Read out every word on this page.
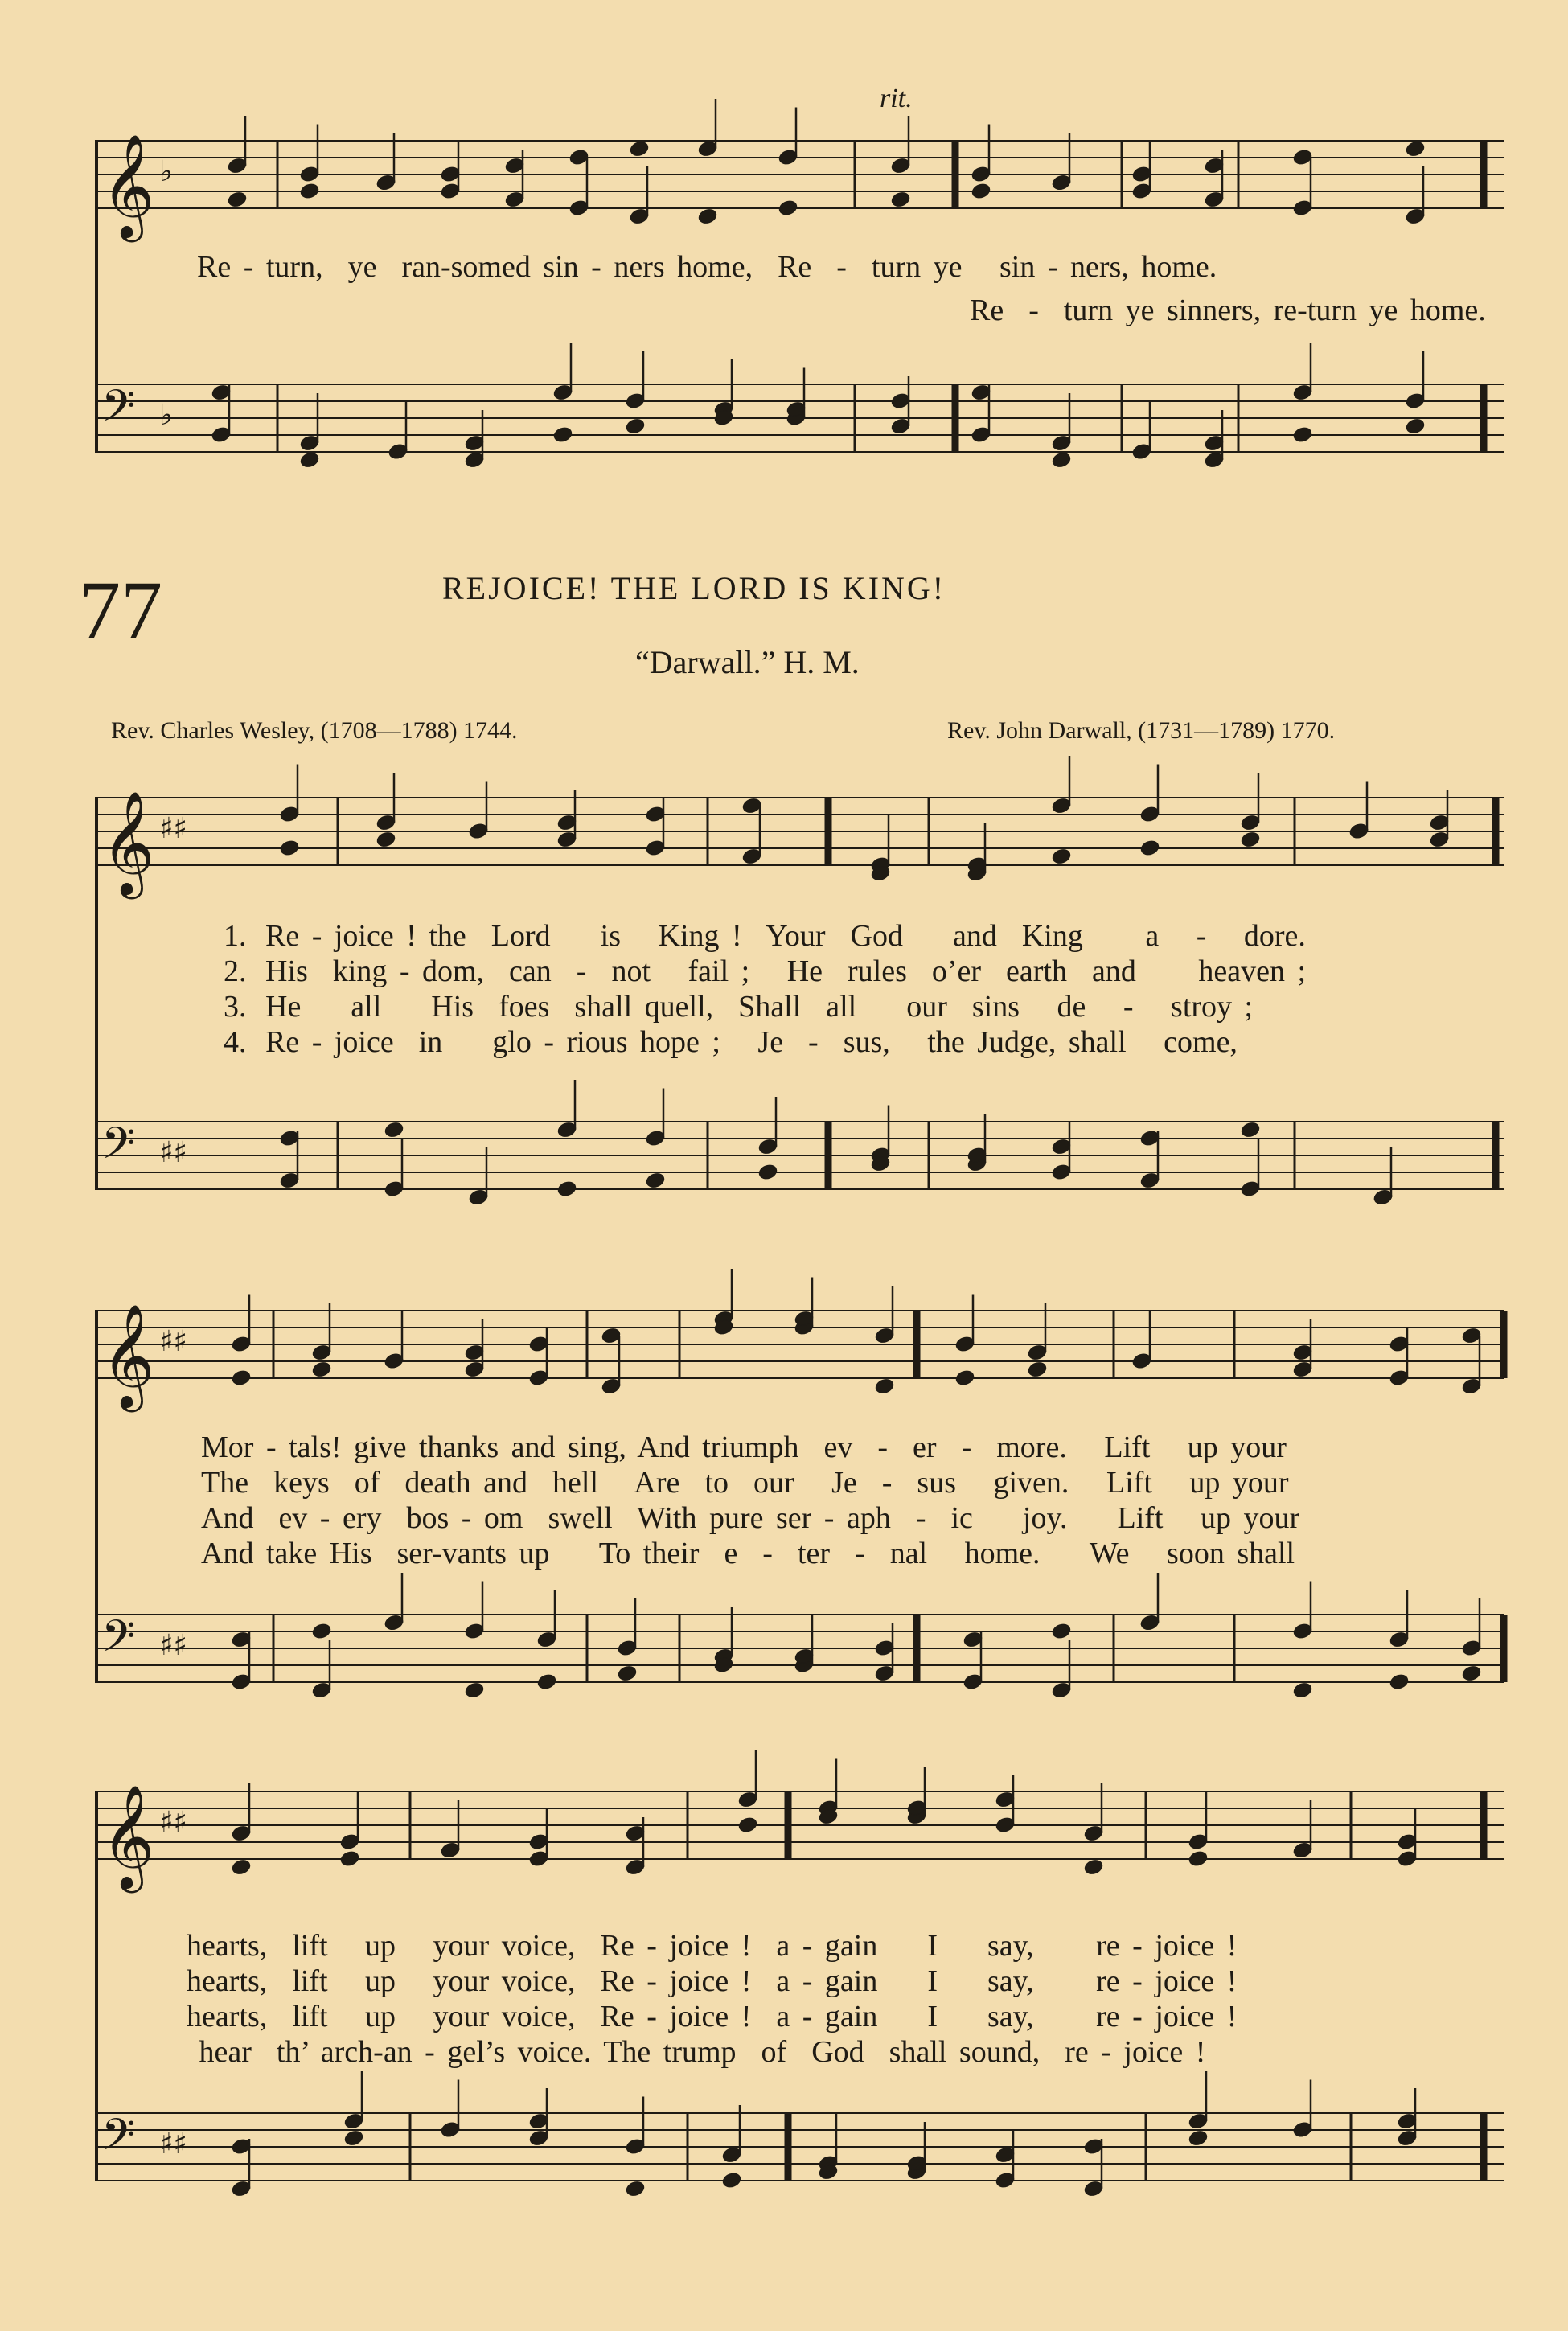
𝄞 ♭
𝄢 ♭
𝄞 ♯♯
𝄢 ♯♯
𝄞 ♯♯
𝄢 ♯♯
𝄞 ♯♯
𝄢 ♯♯
rit.
Re - turn,  ye  ran-somed sin - ners home,  Re  -  turn ye   sin - ners, home.
Re  -  turn ye sinners, re-turn ye home.
77	REJOICE! THE LORD IS KING!
“Darwall.” H. M.
Rev. Charles Wesley, (1708—1788) 1744.	Rev. John Darwall, (1731—1789) 1770.
1. Re - joice ! the  Lord    is   King !  Your  God    and  King     a   -   dore.
2. His  king - dom,  can  -  not   fail ;   He  rules  o’er  earth  and     heaven ;
3. He    all    His  foes  shall quell,  Shall  all    our  sins   de   -   stroy ;
4. Re - joice  in    glo - rious hope ;   Je  -  sus,   the Judge, shall   come,
Mor - tals! give thanks and sing, And triumph  ev  -  er  -  more.   Lift   up your
The  keys  of  death and  hell   Are  to  our   Je  -  sus   given.   Lift   up your
And  ev - ery  bos - om  swell  With pure ser - aph  -  ic    joy.    Lift   up your
And take His  ser-vants up    To their  e  -  ter  -  nal   home.    We   soon shall
hearts,  lift   up   your voice,  Re - joice !  a - gain    I    say,     re - joice !
hearts,  lift   up   your voice,  Re - joice !  a - gain    I    say,     re - joice !
hearts,  lift   up   your voice,  Re - joice !  a - gain    I    say,     re - joice !
hear  th’ arch-an - gel’s voice. The trump  of  God  shall sound,  re - joice !
